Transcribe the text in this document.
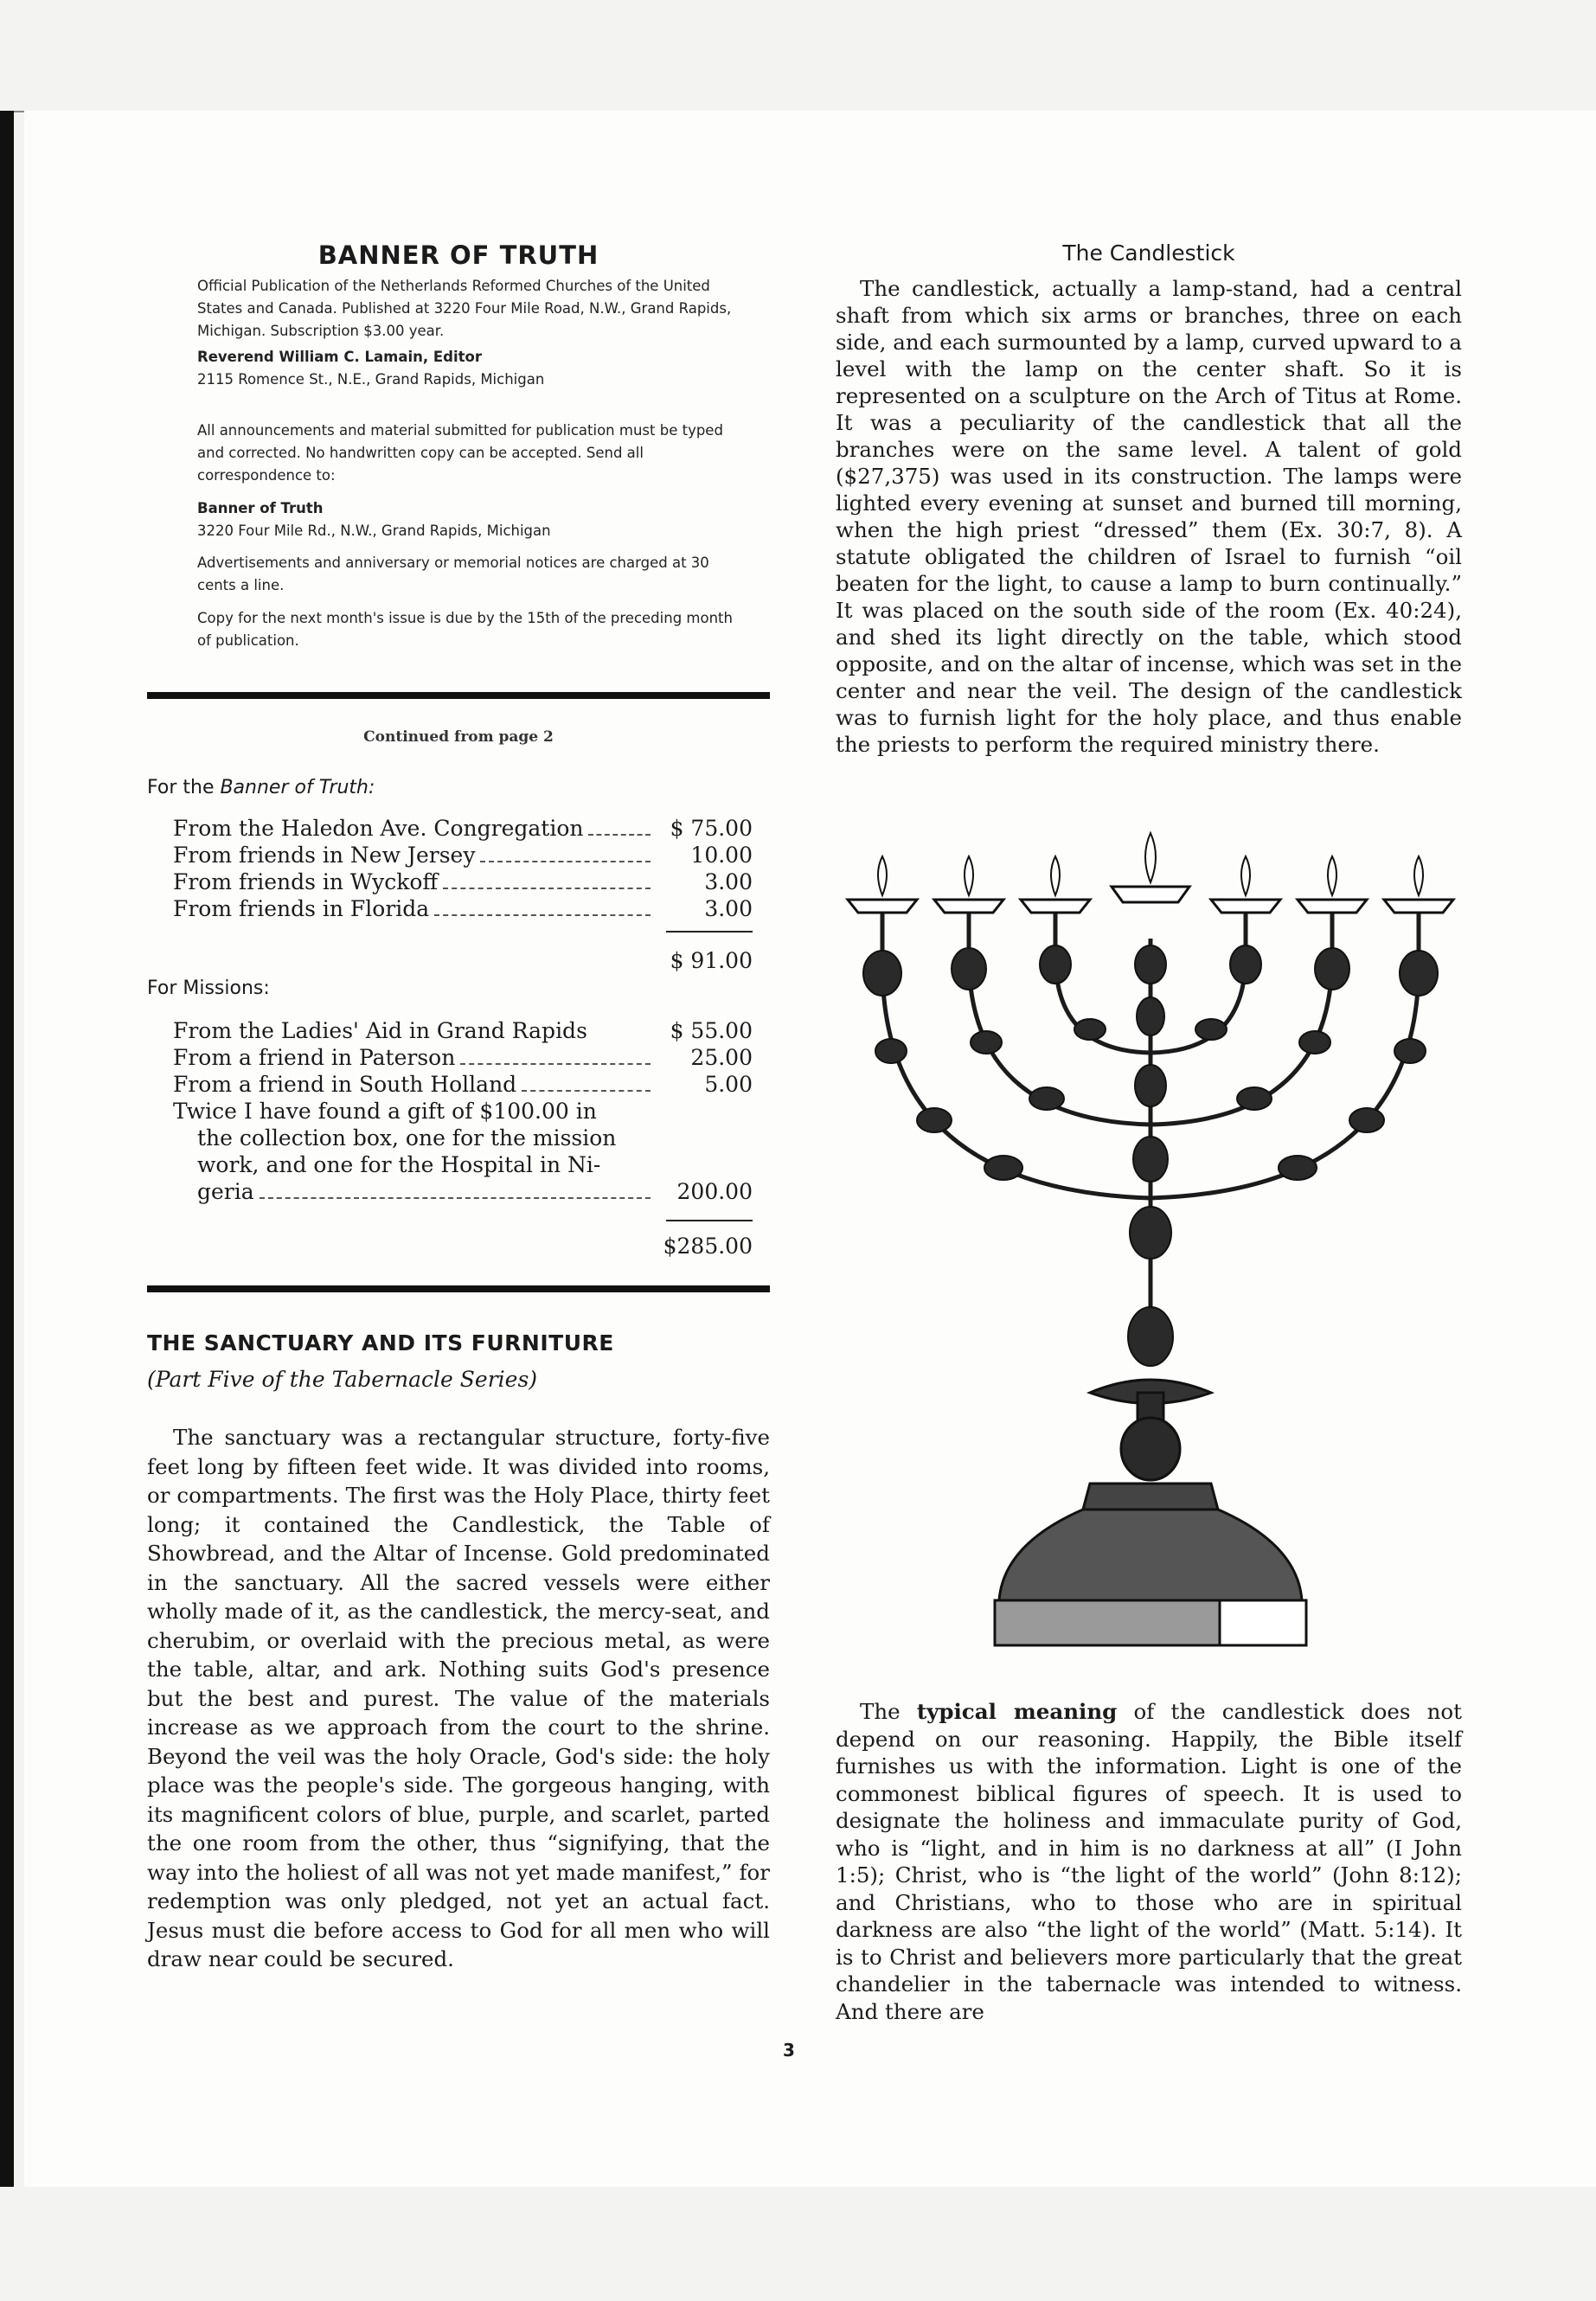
BANNER OF TRUTH
Official Publication of the Netherlands Reformed Churches of the United States and Canada. Published at 3220 Four Mile Road, N.W., Grand Rapids, Michigan. Subscription $3.00 year.
Reverend William C. Lamain, Editor
2115 Romence St., N.E., Grand Rapids, Michigan
All announcements and material submitted for publication must be typed and corrected. No handwritten copy can be accepted. Send all correspondence to:
Banner of Truth
3220 Four Mile Rd., N.W., Grand Rapids, Michigan
Advertisements and anniversary or memorial notices are charged at 30 cents a line.
Copy for the next month's issue is due by the 15th of the preceding month of publication.
Continued from page 2
For the Banner of Truth:
From the Haledon Ave. Congregation	$ 75.00
From friends in New Jersey	10.00
From friends in Wyckoff	3.00
From friends in Florida	3.00
$ 91.00
For Missions:
From the Ladies' Aid in Grand Rapids	$ 55.00
From a friend in Paterson	25.00
From a friend in South Holland	5.00
Twice I have found a gift of $100.00 in
the collection box, one for the mission
work, and one for the Hospital in Ni-
geria	200.00
$285.00
THE SANCTUARY AND ITS FURNITURE
(Part Five of the Tabernacle Series)
The sanctuary was a rectangular structure, forty-five feet long by fifteen feet wide. It was divided into rooms, or compartments. The first was the Holy Place, thirty feet long; it contained the Candlestick, the Table of Showbread, and the Altar of Incense. Gold predominated in the sanctuary. All the sacred vessels were either wholly made of it, as the candlestick, the mercy-seat, and cherubim, or overlaid with the precious metal, as were the table, altar, and ark. Nothing suits God's presence but the best and purest. The value of the materials increase as we approach from the court to the shrine. Beyond the veil was the holy Oracle, God's side: the holy place was the people's side. The gorgeous hanging, with its magnificent colors of blue, purple, and scarlet, parted the one room from the other, thus “signifying, that the way into the holiest of all was not yet made manifest,” for redemption was only pledged, not yet an actual fact. Jesus must die before access to God for all men who will draw near could be secured.
The Candlestick
The candlestick, actually a lamp-stand, had a central shaft from which six arms or branches, three on each side, and each surmounted by a lamp, curved upward to a level with the lamp on the center shaft. So it is represented on a sculpture on the Arch of Titus at Rome. It was a peculiarity of the candlestick that all the branches were on the same level. A talent of gold ($27,375) was used in its construction. The lamps were lighted every evening at sunset and burned till morning, when the high priest “dressed” them (Ex. 30:7, 8). A statute obligated the children of Israel to furnish “oil beaten for the light, to cause a lamp to burn continually.” It was placed on the south side of the room (Ex. 40:24), and shed its light directly on the table, which stood opposite, and on the altar of incense, which was set in the center and near the veil. The design of the candlestick was to furnish light for the holy place, and thus enable the priests to perform the required ministry there.
The typical meaning of the candlestick does not depend on our reasoning. Happily, the Bible itself furnishes us with the information. Light is one of the commonest biblical figures of speech. It is used to designate the holiness and immaculate purity of God, who is “light, and in him is no darkness at all” (I John 1:5); Christ, who is “the light of the world” (John 8:12); and Christians, who to those who are in spiritual darkness are also “the light of the world” (Matt. 5:14). It is to Christ and believers more particularly that the great chandelier in the tabernacle was intended to witness. And there are
3
